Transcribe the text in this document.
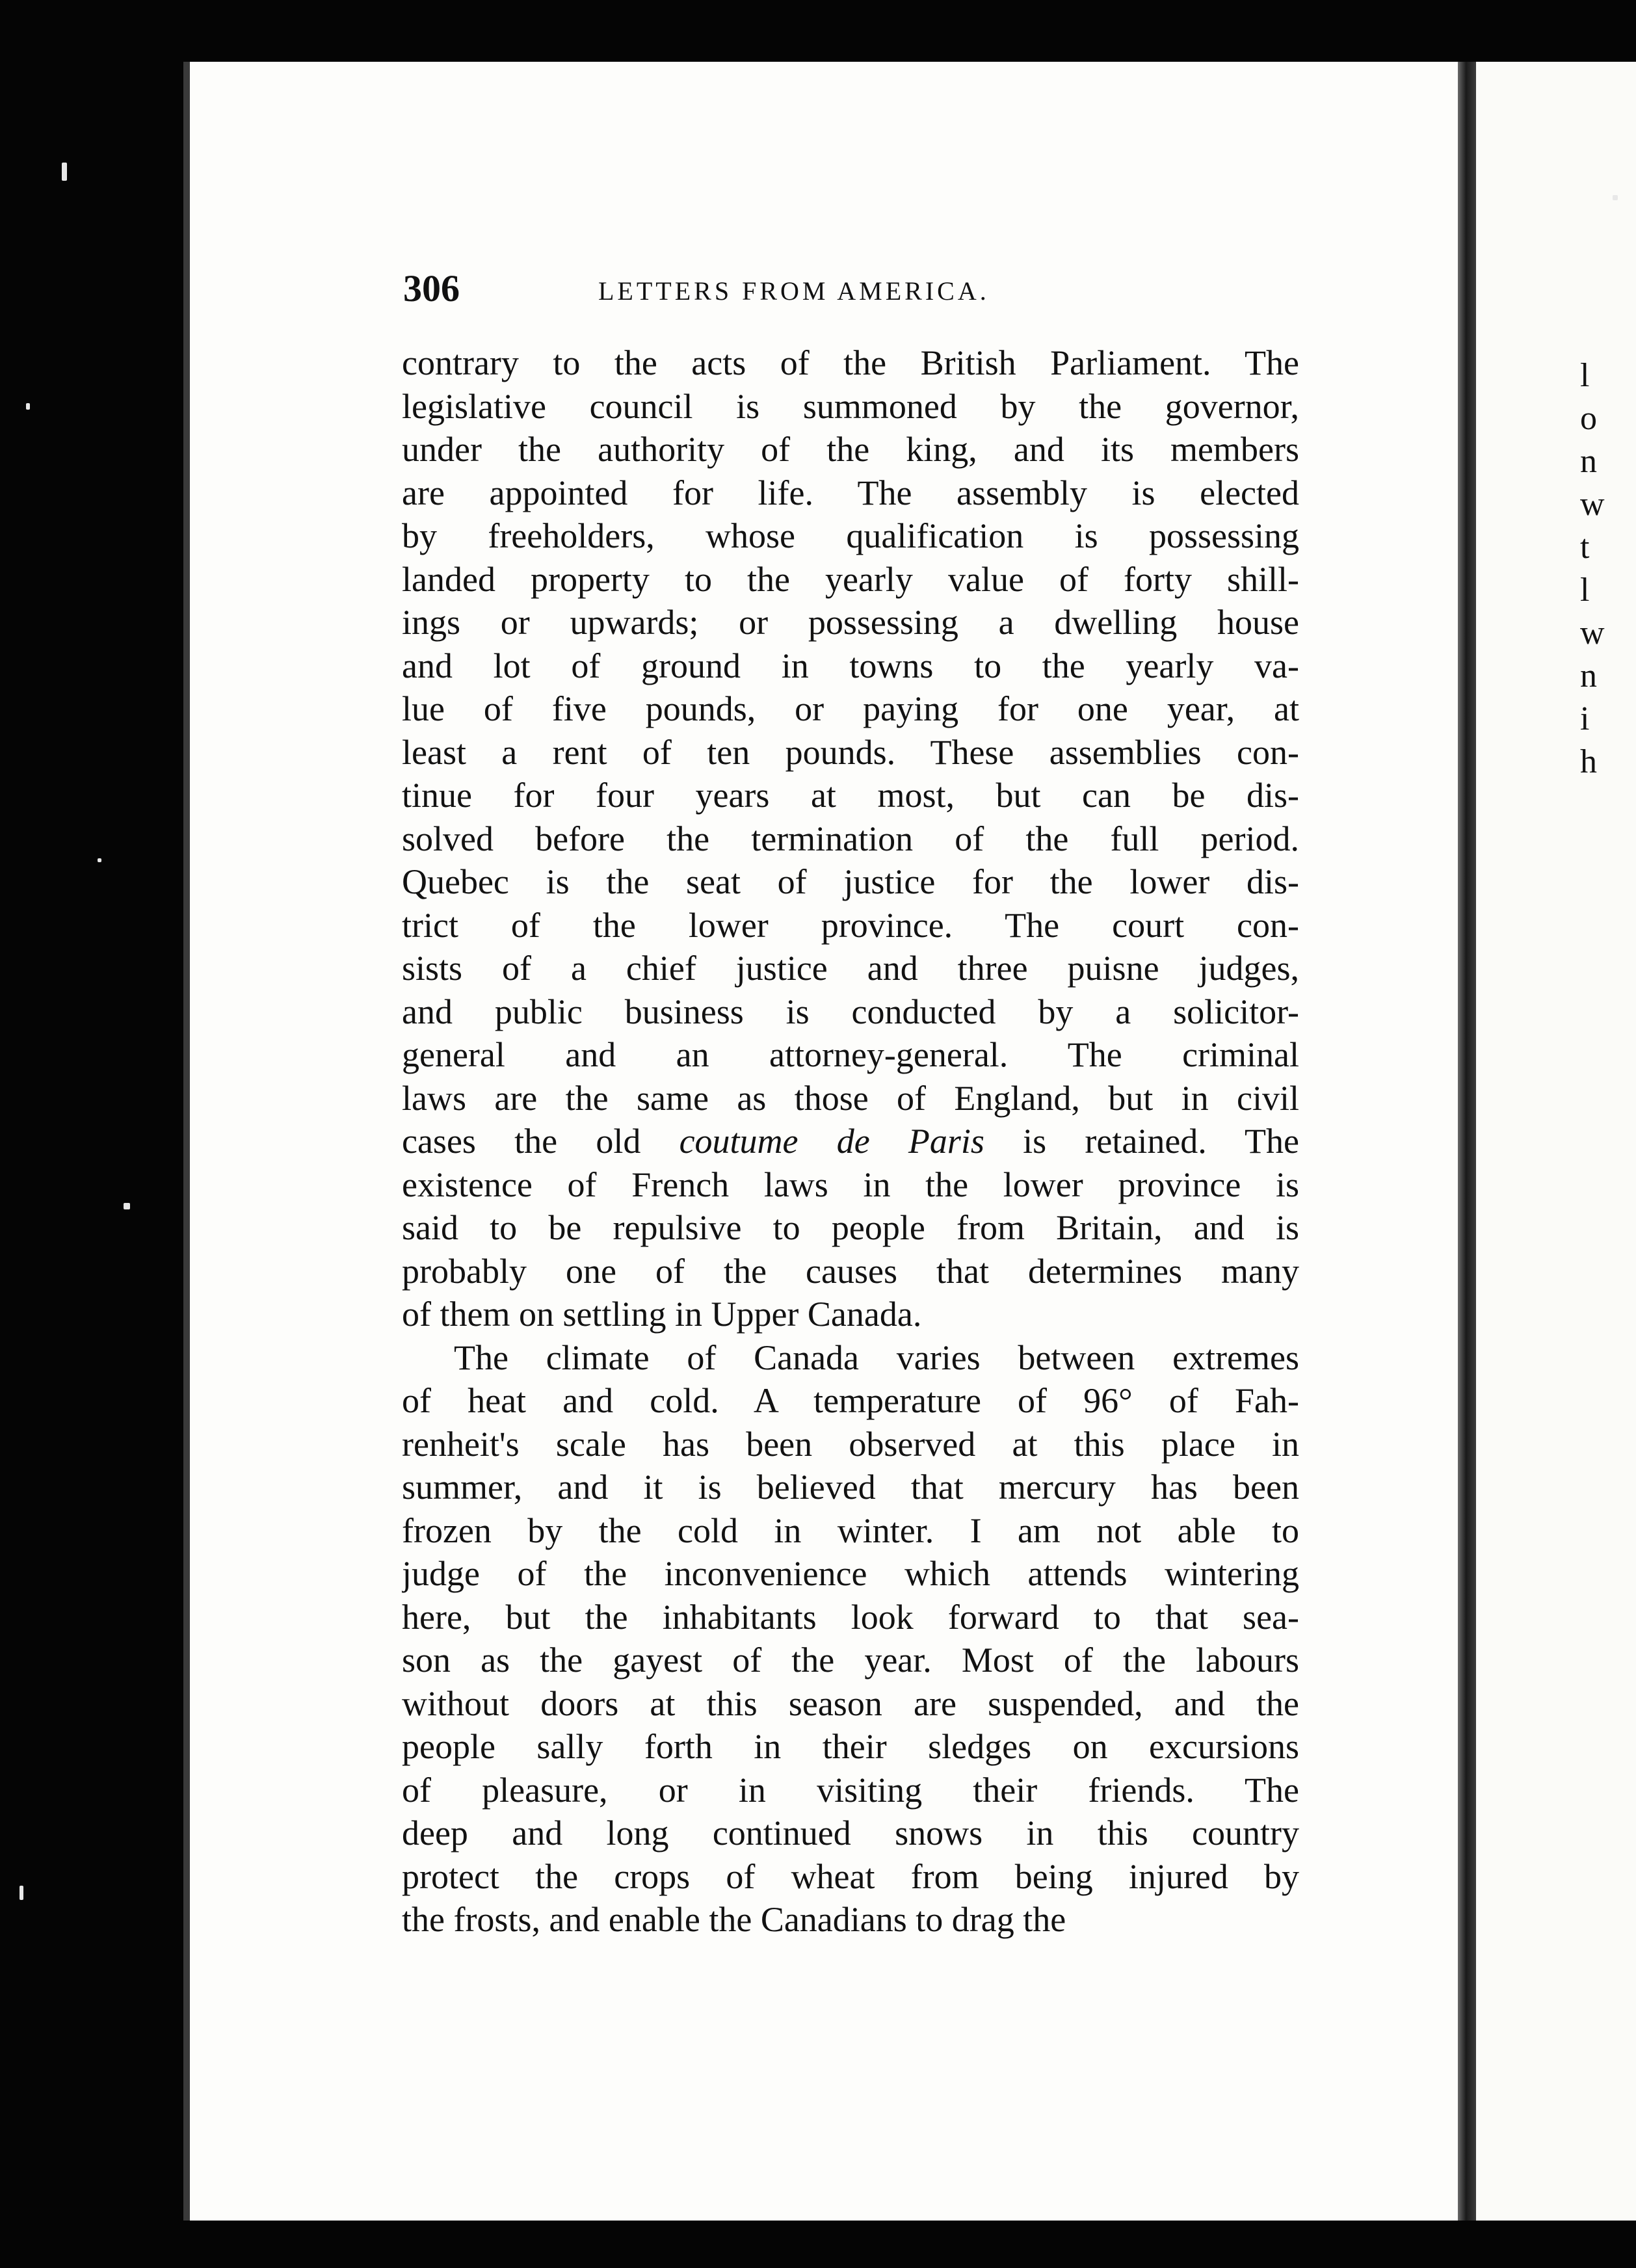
306	LETTERS FROM AMERICA.
contrary to the acts of the British Parliament. The
legislative council is summoned by the governor,
under the authority of the king, and its members
are appointed for life. The assembly is elected
by freeholders, whose qualification is possessing
landed property to the yearly value of forty shill-
ings or upwards; or possessing a dwelling house
and lot of ground in towns to the yearly va-
lue of five pounds, or paying for one year, at
least a rent of ten pounds. These assemblies con-
tinue for four years at most, but can be dis-
solved before the termination of the full period.
Quebec is the seat of justice for the lower dis-
trict of the lower province. The court con-
sists of a chief justice and three puisne judges,
and public business is conducted by a solicitor-
general and an attorney-general. The criminal
laws are the same as those of England, but in civil
cases the old coutume de Paris is retained. The
existence of French laws in the lower province is
said to be repulsive to people from Britain, and is
probably one of the causes that determines many
of them on settling in Upper Canada.
The climate of Canada varies between extremes
of heat and cold. A temperature of 96° of Fah-
renheit's scale has been observed at this place in
summer, and it is believed that mercury has been
frozen by the cold in winter. I am not able to
judge of the inconvenience which attends wintering
here, but the inhabitants look forward to that sea-
son as the gayest of the year. Most of the labours
without doors at this season are suspended, and the
people sally forth in their sledges on excursions
of pleasure, or in visiting their friends. The
deep and long continued snows in this country
protect the crops of wheat from being injured by
the frosts, and enable the Canadians to drag the
l
o
n
w
t
l
w
n
i
h
